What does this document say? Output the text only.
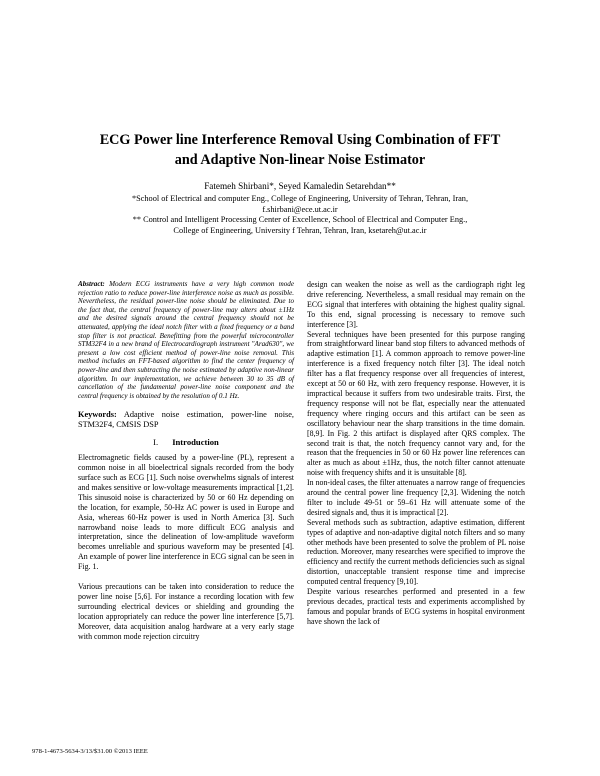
ECG Power line Interference Removal Using Combination of FFT
and Adaptive Non-linear Noise Estimator
Fatemeh Shirbani*, Seyed Kamaledin Setarehdan**
*School of Electrical and computer Eng., College of Engineering, University of Tehran, Tehran, Iran,
f.shirbani@ece.ut.ac.ir
** Control and Intelligent Processing Center of Excellence, School of Electrical and Computer Eng.,
College of Engineering, University f Tehran, Tehran, Iran, ksetareh@ut.ac.ir

Abstract: Modern ECG instruments have a very high common mode rejection ratio to reduce power-line interference noise as much as possible. Nevertheless, the residual power-line noise should be eliminated. Due to the fact that, the central frequency of power-line may alters about ±1Hz and the desired signals around the central frequency should not be attenuated, applying the ideal notch filter with a fixed frequency or a band stop filter is not practical. Benefitting from the powerful microcontroller STM32F4 in a new brand of Electrocardiograph instrument "Arad630", we present a low cost efficient method of power-line noise removal. This method includes an FFT-based algorithm to find the center frequency of power-line and then subtracting the noise estimated by adaptive non-linear algorithm. In our implementation, we achieve between 30 to 35 dB of cancellation of the fundamental power-line noise component and the central frequency is obtained by the resolution of 0.1 Hz.

Keywords: Adaptive noise estimation, power-line noise, STM32F4, CMSIS DSP

I. Introduction

Electromagnetic fields caused by a power-line (PL), represent a common noise in all bioelectrical signals recorded from the body surface such as ECG [1]. Such noise overwhelms signals of interest and makes sensitive or low-voltage measurements impractical [1,2]. This sinusoid noise is characterized by 50 or 60 Hz depending on the location, for example, 50-Hz AC power is used in Europe and Asia, whereas 60-Hz power is used in North America [3]. Such narrowband noise leads to more difficult ECG analysis and interpretation, since the delineation of low-amplitude waveform becomes unreliable and spurious waveform may be presented [4]. An example of power line interference in ECG signal can be seen in Fig. 1.

Various precautions can be taken into consideration to reduce the power line noise [5,6]. For instance a recording location with few surrounding electrical devices or shielding and grounding the location appropriately can reduce the power line interference [5,7]. Moreover, data acquisition analog hardware at a very early stage with common mode rejection circuitry

design can weaken the noise as well as the cardiograph right leg drive referencing. Nevertheless, a small residual may remain on the ECG signal that interferes with obtaining the highest quality signal. To this end, signal processing is necessary to remove such interference [3].

Several techniques have been presented for this purpose ranging from straightforward linear band stop filters to advanced methods of adaptive estimation [1]. A common approach to remove power-line interference is a fixed frequency notch filter [3]. The ideal notch filter has a flat frequency response over all frequencies of interest, except at 50 or 60 Hz, with zero frequency response. However, it is impractical because it suffers from two undesirable traits. First, the frequency response will not be flat, especially near the attenuated frequency where ringing occurs and this artifact can be seen as oscillatory behaviour near the sharp transitions in the time domain. [8,9]. In Fig. 2 this artifact is displayed after QRS complex. The second trait is that, the notch frequency cannot vary and, for the reason that the frequencies in 50 or 60 Hz power line references can alter as much as about ±1Hz, thus, the notch filter cannot attenuate noise with frequency shifts and it is unsuitable [8].

In non-ideal cases, the filter attenuates a narrow range of frequencies around the central power line frequency [2,3]. Widening the notch filter to include 49-51 or 59–61 Hz will attenuate some of the desired signals and, thus it is impractical [2].

Several methods such as subtraction, adaptive estimation, different types of adaptive and non-adaptive digital notch filters and so many other methods have been presented to solve the problem of PL noise reduction. Moreover, many researches were specified to improve the efficiency and rectify the current methods deficiencies such as signal distortion, unacceptable transient response time and imprecise computed central frequency [9,10].

Despite various researches performed and presented in a few previous decades, practical tests and experiments accomplished by famous and popular brands of ECG systems in hospital environment have shown the lack of

978-1-4673-5634-3/13/$31.00 ©2013 IEEE
